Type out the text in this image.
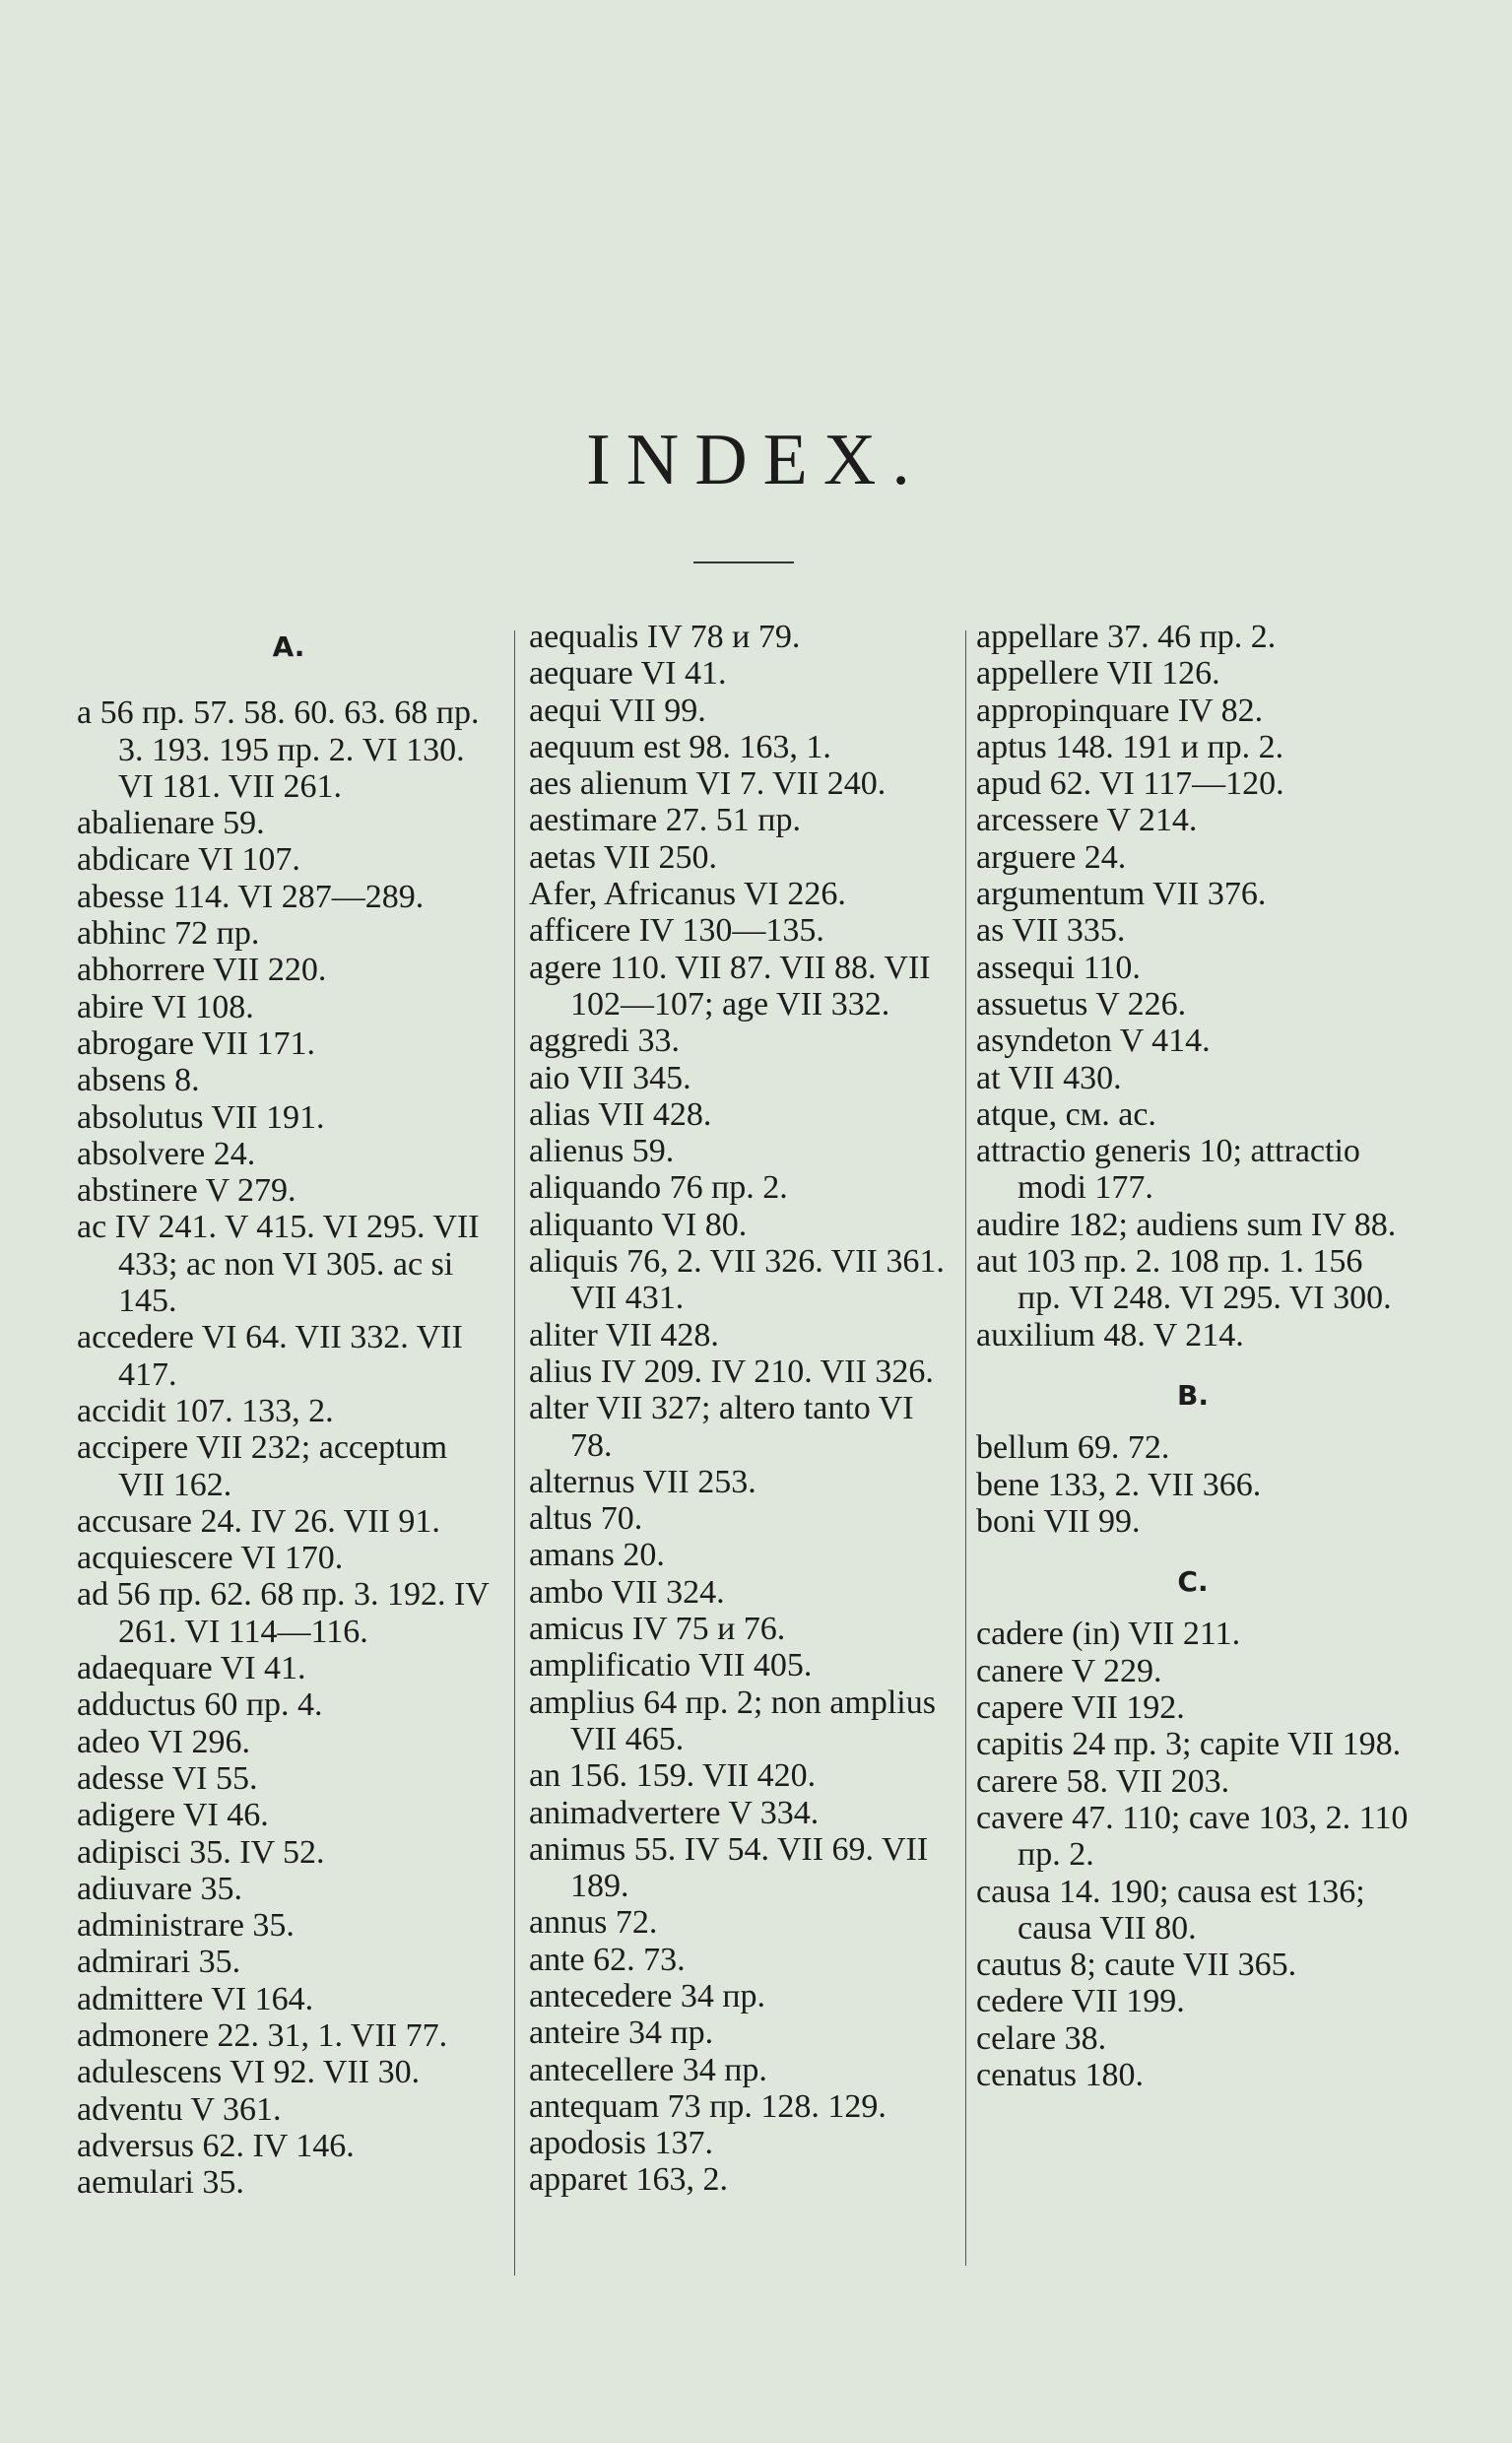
INDEX.
A.
a 56 пр. 57. 58. 60. 63. 68 пр. 3. 193. 195 пр. 2. VI 130. VI 181. VII 261.
abalienare 59.
abdicare VI 107.
abesse 114. VI 287—289.
abhinc 72 пр.
abhorrere VII 220.
abire VI 108.
abrogare VII 171.
absens 8.
absolutus VII 191.
absolvere 24.
abstinere V 279.
ac IV 241. V 415. VI 295. VII 433; ac non VI 305. ac si 145.
accedere VI 64. VII 332. VII 417.
accidit 107. 133, 2.
accipere VII 232; acceptum VII 162.
accusare 24. IV 26. VII 91.
acquiescere VI 170.
ad 56 пр. 62. 68 пр. 3. 192. IV 261. VI 114—116.
adaequare VI 41.
adductus 60 пр. 4.
adeo VI 296.
adesse VI 55.
adigere VI 46.
adipisci 35. IV 52.
adiuvare 35.
administrare 35.
admirari 35.
admittere VI 164.
admonere 22. 31, 1. VII 77.
adulescens VI 92. VII 30.
adventu V 361.
adversus 62. IV 146.
aemulari 35.
aequalis IV 78 и 79.
aequare VI 41.
aequi VII 99.
aequum est 98. 163, 1.
aes alienum VI 7. VII 240.
aestimare 27. 51 пр.
aetas VII 250.
Afer, Africanus VI 226.
afficere IV 130—135.
agere 110. VII 87. VII 88. VII 102—107; age VII 332.
aggredi 33.
aio VII 345.
alias VII 428.
alienus 59.
aliquando 76 пр. 2.
aliquanto VI 80.
aliquis 76, 2. VII 326. VII 361. VII 431.
aliter VII 428.
alius IV 209. IV 210. VII 326.
alter VII 327; altero tanto VI 78.
alternus VII 253.
altus 70.
amans 20.
ambo VII 324.
amicus IV 75 и 76.
amplificatio VII 405.
amplius 64 пр. 2; non amplius VII 465.
an 156. 159. VII 420.
animadvertere V 334.
animus 55. IV 54. VII 69. VII 189.
annus 72.
ante 62. 73.
antecedere 34 пр.
anteire 34 пр.
antecellere 34 пр.
antequam 73 пр. 128. 129.
apodosis 137.
apparet 163, 2.
appellare 37. 46 пр. 2.
appellere VII 126.
appropinquare IV 82.
aptus 148. 191 и пр. 2.
apud 62. VI 117—120.
arcessere V 214.
arguere 24.
argumentum VII 376.
as VII 335.
assequi 110.
assuetus V 226.
asyndeton V 414.
at VII 430.
atque, см. ac.
attractio generis 10; attractio modi 177.
audire 182; audiens sum IV 88.
aut 103 пр. 2. 108 пр. 1. 156 пр. VI 248. VI 295. VI 300.
auxilium 48. V 214.
B.
bellum 69. 72.
bene 133, 2. VII 366.
boni VII 99.
C.
cadere (in) VII 211.
canere V 229.
capere VII 192.
capitis 24 пр. 3; capite VII 198.
carere 58. VII 203.
cavere 47. 110; cave 103, 2. 110 пр. 2.
causa 14. 190; causa est 136; causa VII 80.
cautus 8; caute VII 365.
cedere VII 199.
celare 38.
cenatus 180.
